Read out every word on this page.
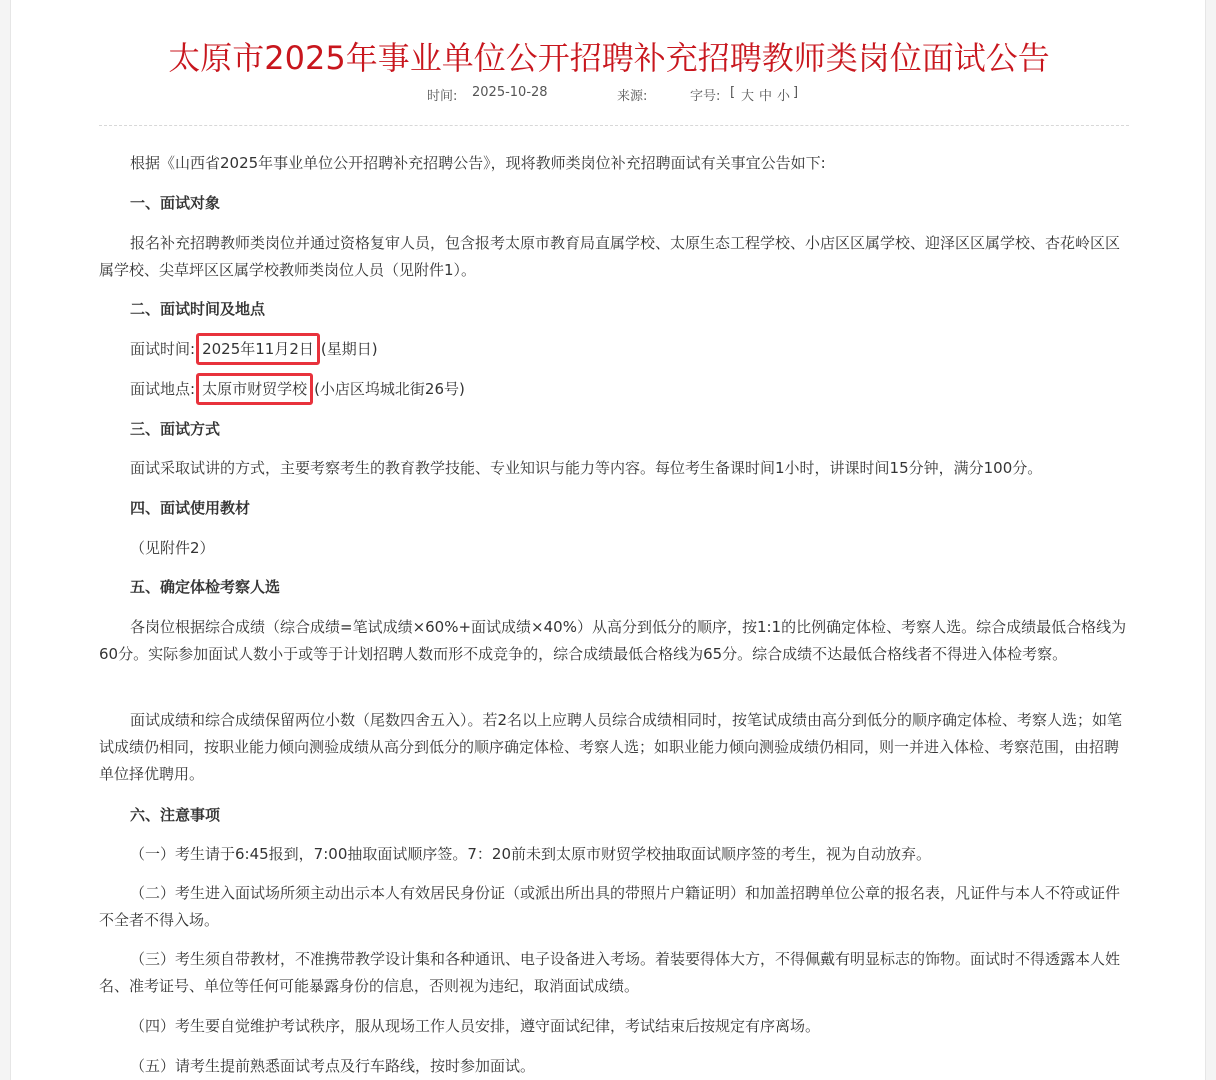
太原市2025年事业单位公开招聘补充招聘教师类岗位面试公告
时间: 2025-10-28	来源:	字号: [ 大 中 小 ]

根据《山西省2025年事业单位公开招聘补充招聘公告》，现将教师类岗位补充招聘面试有关事宜公告如下:

一、面试对象

报名补充招聘教师类岗位并通过资格复审人员，包含报考太原市教育局直属学校、太原生态工程学校、小店区区属学校、迎泽区区属学校、杏花岭区区属学校、尖草坪区区属学校教师类岗位人员（见附件1）。

二、面试时间及地点

面试时间: 2025年11月2日 (星期日)

面试地点: 太原市财贸学校 (小店区坞城北街26号)

三、面试方式

面试采取试讲的方式，主要考察考生的教育教学技能、专业知识与能力等内容。每位考生备课时间1小时，讲课时间15分钟，满分100分。

四、面试使用教材

（见附件2）

五、确定体检考察人选

各岗位根据综合成绩（综合成绩=笔试成绩×60%+面试成绩×40%）从高分到低分的顺序，按1:1的比例确定体检、考察人选。综合成绩最低合格线为60分。实际参加面试人数小于或等于计划招聘人数而形不成竞争的，综合成绩最低合格线为65分。综合成绩不达最低合格线者不得进入体检考察。

面试成绩和综合成绩保留两位小数（尾数四舍五入）。若2名以上应聘人员综合成绩相同时，按笔试成绩由高分到低分的顺序确定体检、考察人选；如笔试成绩仍相同，按职业能力倾向测验成绩从高分到低分的顺序确定体检、考察人选；如职业能力倾向测验成绩仍相同，则一并进入体检、考察范围，由招聘单位择优聘用。

六、注意事项

（一）考生请于6:45报到，7:00抽取面试顺序签。7：20前未到太原市财贸学校抽取面试顺序签的考生，视为自动放弃。

（二）考生进入面试场所须主动出示本人有效居民身份证（或派出所出具的带照片户籍证明）和加盖招聘单位公章的报名表，凡证件与本人不符或证件不全者不得入场。

（三）考生须自带教材，不准携带教学设计集和各种通讯、电子设备进入考场。着装要得体大方，不得佩戴有明显标志的饰物。面试时不得透露本人姓名、准考证号、单位等任何可能暴露身份的信息，否则视为违纪，取消面试成绩。

（四）考生要自觉维护考试秩序，服从现场工作人员安排，遵守面试纪律，考试结束后按规定有序离场。

（五）请考生提前熟悉面试考点及行车路线，按时参加面试。
